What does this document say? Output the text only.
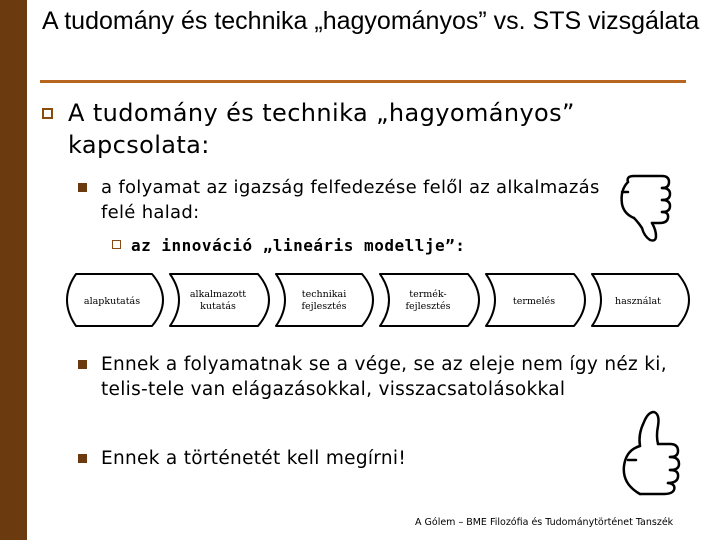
A tudomány és technika „hagyományos” vs. STS vizsgálata
A tudomány és technika „hagyományos” kapcsolata:
a folyamat az igazság felfedezése felől az alkalmazás felé halad:
az innováció „lineáris modellje”:
alapkutatás
alkalmazott kutatás
technikai fejlesztés
termék-fejlesztés	termelés	használat
Ennek a folyamatnak se a vége, se az eleje nem így néz ki, telis-tele van elágazásokkal, visszacsatolásokkal
Ennek a történetét kell megírni!
A Gólem – BME Filozófia és Tudománytörténet Tanszék
